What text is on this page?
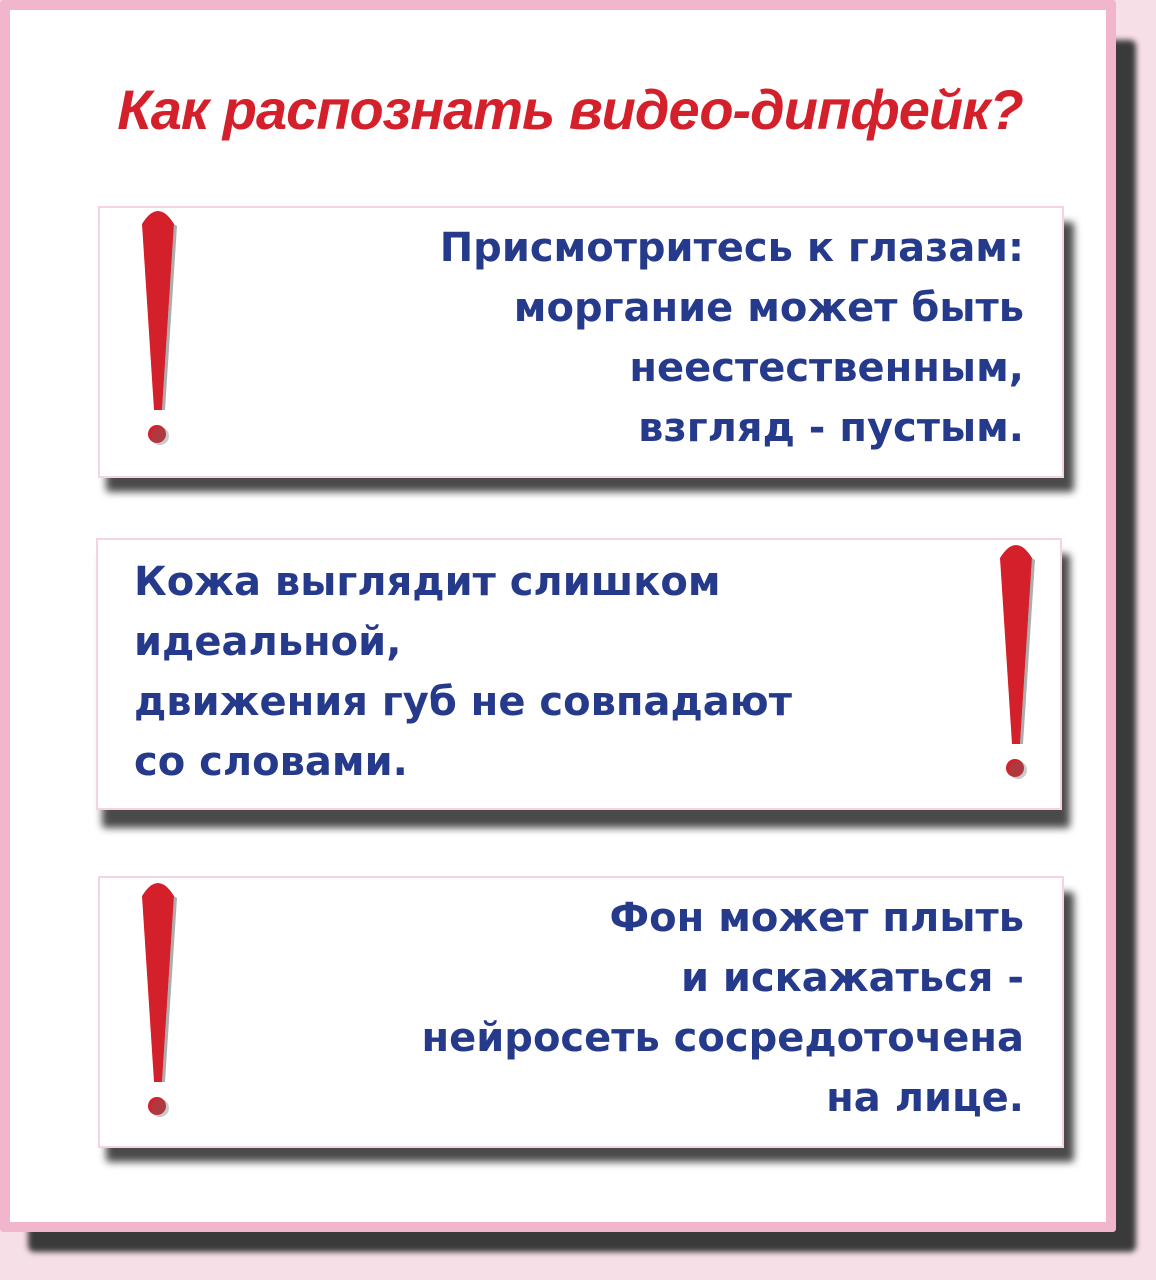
Как распознать видео-дипфейк?

Присмотритесь к глазам:
моргание может быть
неестественным,
взгляд - пустым.

Кожа выглядит слишком
идеальной,
движения губ не совпадают
со словами.

Фон может плыть
и искажаться -
нейросеть сосредоточена
на лице.
